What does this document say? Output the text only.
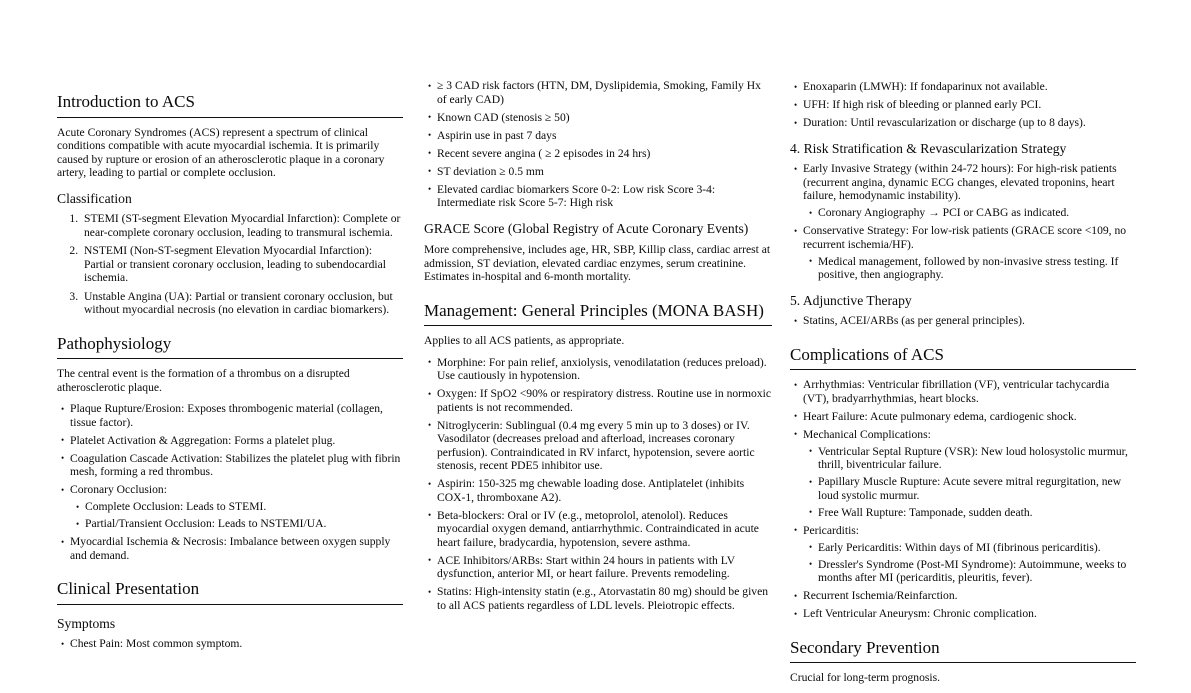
Introduction to ACS

Acute Coronary Syndromes (ACS) represent a spectrum of clinical conditions compatible with acute myocardial ischemia. It is primarily caused by rupture or erosion of an atherosclerotic plaque in a coronary artery, leading to partial or complete occlusion.

Classification
1. STEMI (ST-segment Elevation Myocardial Infarction): Complete or near-complete coronary occlusion, leading to transmural ischemia.
2. NSTEMI (Non-ST-segment Elevation Myocardial Infarction): Partial or transient coronary occlusion, leading to subendocardial ischemia.
3. Unstable Angina (UA): Partial or transient coronary occlusion, but without myocardial necrosis (no elevation in cardiac biomarkers).
Pathophysiology

The central event is the formation of a thrombus on a disrupted atherosclerotic plaque.

• Plaque Rupture/Erosion: Exposes thrombogenic material (collagen, tissue factor).
• Platelet Activation & Aggregation: Forms a platelet plug.
• Coagulation Cascade Activation: Stabilizes the platelet plug with fibrin mesh, forming a red thrombus.
• Coronary Occlusion:
• Complete Occlusion: Leads to STEMI.
• Partial/Transient Occlusion: Leads to NSTEMI/UA.
• Myocardial Ischemia & Necrosis: Imbalance between oxygen supply and demand.
Clinical Presentation
Symptoms
• Chest Pain: Most common symptom.
• ≥ 3 CAD risk factors (HTN, DM, Dyslipidemia, Smoking, Family Hx of early CAD)
• Known CAD (stenosis ≥ 50)
• Aspirin use in past 7 days
• Recent severe angina ( ≥ 2 episodes in 24 hrs)
• ST deviation ≥ 0.5 mm
• Elevated cardiac biomarkers Score 0-2: Low risk Score 3-4: Intermediate risk Score 5-7: High risk
GRACE Score (Global Registry of Acute Coronary Events)

More comprehensive, includes age, HR, SBP, Killip class, cardiac arrest at admission, ST deviation, elevated cardiac enzymes, serum creatinine. Estimates in-hospital and 6-month mortality.

Management: General Principles (MONA BASH)

Applies to all ACS patients, as appropriate.

• Morphine: For pain relief, anxiolysis, venodilatation (reduces preload). Use cautiously in hypotension.
• Oxygen: If SpO2 <90% or respiratory distress. Routine use in normoxic patients is not recommended.
• Nitroglycerin: Sublingual (0.4 mg every 5 min up to 3 doses) or IV. Vasodilator (decreases preload and afterload, increases coronary perfusion). Contraindicated in RV infarct, hypotension, severe aortic stenosis, recent PDE5 inhibitor use.
• Aspirin: 150-325 mg chewable loading dose. Antiplatelet (inhibits COX-1, thromboxane A2).
• Beta-blockers: Oral or IV (e.g., metoprolol, atenolol). Reduces myocardial oxygen demand, antiarrhythmic. Contraindicated in acute heart failure, bradycardia, hypotension, severe asthma.
• ACE Inhibitors/ARBs: Start within 24 hours in patients with LV dysfunction, anterior MI, or heart failure. Prevents remodeling.
• Statins: High-intensity statin (e.g., Atorvastatin 80 mg) should be given to all ACS patients regardless of LDL levels. Pleiotropic effects.
• Enoxaparin (LMWH): If fondaparinux not available.
• UFH: If high risk of bleeding or planned early PCI.
• Duration: Until revascularization or discharge (up to 8 days).
4. Risk Stratification & Revascularization Strategy
• Early Invasive Strategy (within 24-72 hours): For high-risk patients (recurrent angina, dynamic ECG changes, elevated troponins, heart failure, hemodynamic instability).
• Coronary Angiography → PCI or CABG as indicated.
• Conservative Strategy: For low-risk patients (GRACE score <109, no recurrent ischemia/HF).
• Medical management, followed by non-invasive stress testing. If positive, then angiography.
5. Adjunctive Therapy
• Statins, ACEI/ARBs (as per general principles).
Complications of ACS
• Arrhythmias: Ventricular fibrillation (VF), ventricular tachycardia (VT), bradyarrhythmias, heart blocks.
• Heart Failure: Acute pulmonary edema, cardiogenic shock.
• Mechanical Complications:
• Ventricular Septal Rupture (VSR): New loud holosystolic murmur, thrill, biventricular failure.
• Papillary Muscle Rupture: Acute severe mitral regurgitation, new loud systolic murmur.
• Free Wall Rupture: Tamponade, sudden death.
• Pericarditis:
• Early Pericarditis: Within days of MI (fibrinous pericarditis).
• Dressler's Syndrome (Post-MI Syndrome): Autoimmune, weeks to months after MI (pericarditis, pleuritis, fever).
• Recurrent Ischemia/Reinfarction.
• Left Ventricular Aneurysm: Chronic complication.
Secondary Prevention

Crucial for long-term prognosis.
